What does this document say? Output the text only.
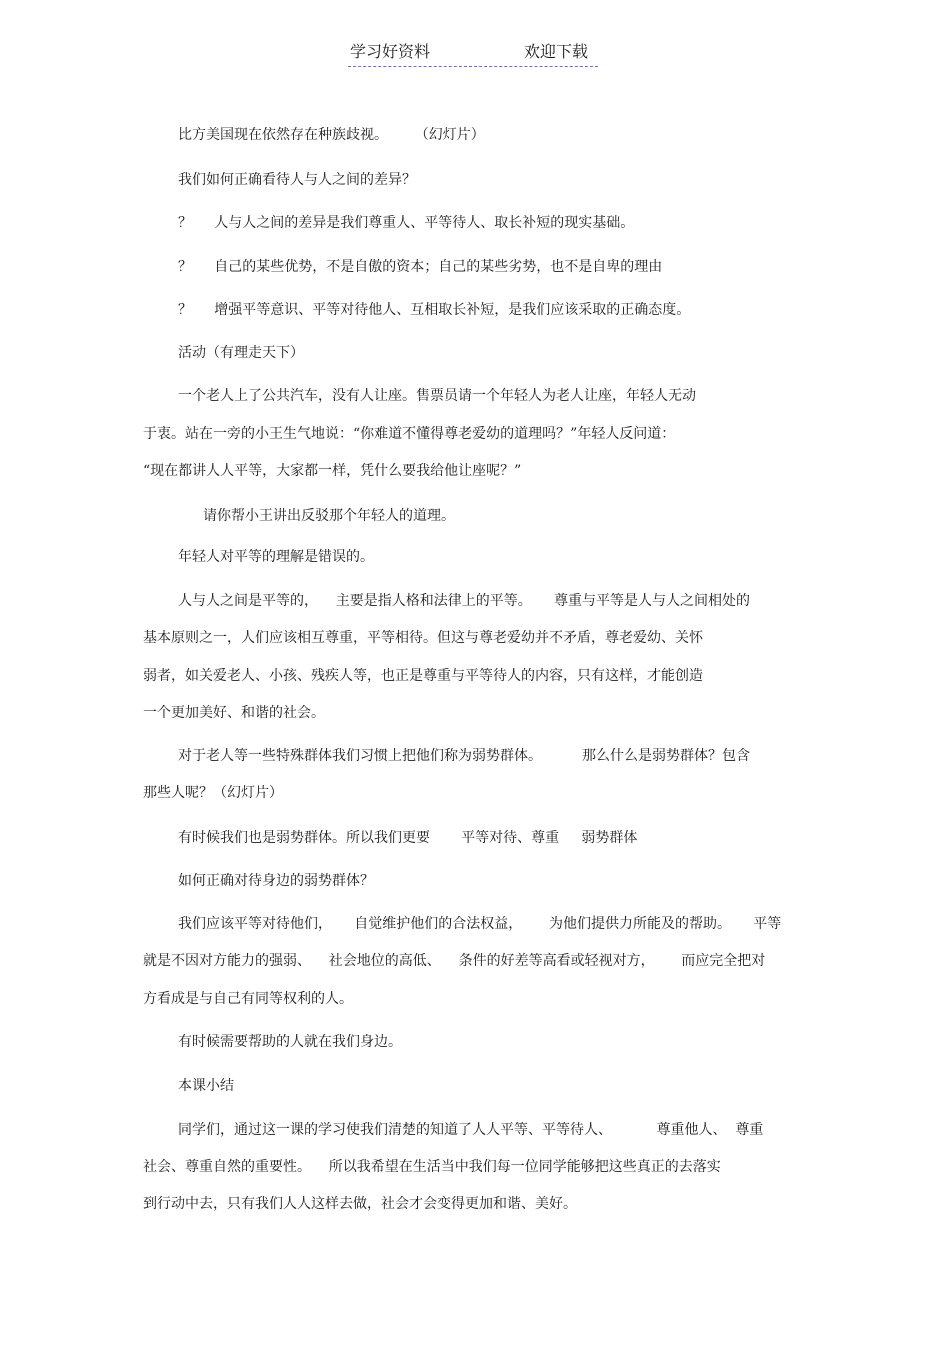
学习好资料	欢迎下载
比方美国现在依然存在种族歧视。      （幻灯片）
我们如何正确看待人与人之间的差异？
？     人与人之间的差异是我们尊重人、平等待人、取长补短的现实基础。
？     自己的某些优势，不是自傲的资本；自己的某些劣势，也不是自卑的理由
？     增强平等意识、平等对待他人、互相取长补短，是我们应该采取的正确态度。
活动（有理走天下）
一个老人上了公共汽车，没有人让座。售票员请一个年轻人为老人让座，年轻人无动
于衷。站在一旁的小王生气地说：“你难道不懂得尊老爱幼的道理吗？”年轻人反问道：
“现在都讲人人平等，大家都一样，凭什么要我给他让座呢？”
请你帮小王讲出反驳那个年轻人的道理。
年轻人对平等的理解是错误的。
人与人之间是平等的，    主要是指人格和法律上的平等。     尊重与平等是人与人之间相处的
基本原则之一，人们应该相互尊重，平等相待。但这与尊老爱幼并不矛盾，尊老爱幼、关怀
弱者，如关爱老人、小孩、残疾人等，也正是尊重与平等待人的内容，只有这样，才能创造
一个更加美好、和谐的社会。
对于老人等一些特殊群体我们习惯上把他们称为弱势群体。         那么什么是弱势群体？包含
那些人呢？（幻灯片）
有时候我们也是弱势群体。所以我们更要       平等对待、尊重     弱势群体
如何正确对待身边的弱势群体？
我们应该平等对待他们，     自觉维护他们的合法权益，      为他们提供力所能及的帮助。     平等
就是不因对方能力的强弱、    社会地位的高低、    条件的好差等高看或轻视对方，      而应完全把对
方看成是与自己有同等权利的人。
有时候需要帮助的人就在我们身边。
本课小结
同学们，通过这一课的学习使我们清楚的知道了人人平等、平等待人、          尊重他人、  尊重
社会、尊重自然的重要性。    所以我希望在生活当中我们每一位同学能够把这些真正的去落实
到行动中去，只有我们人人这样去做，社会才会变得更加和谐、美好。
